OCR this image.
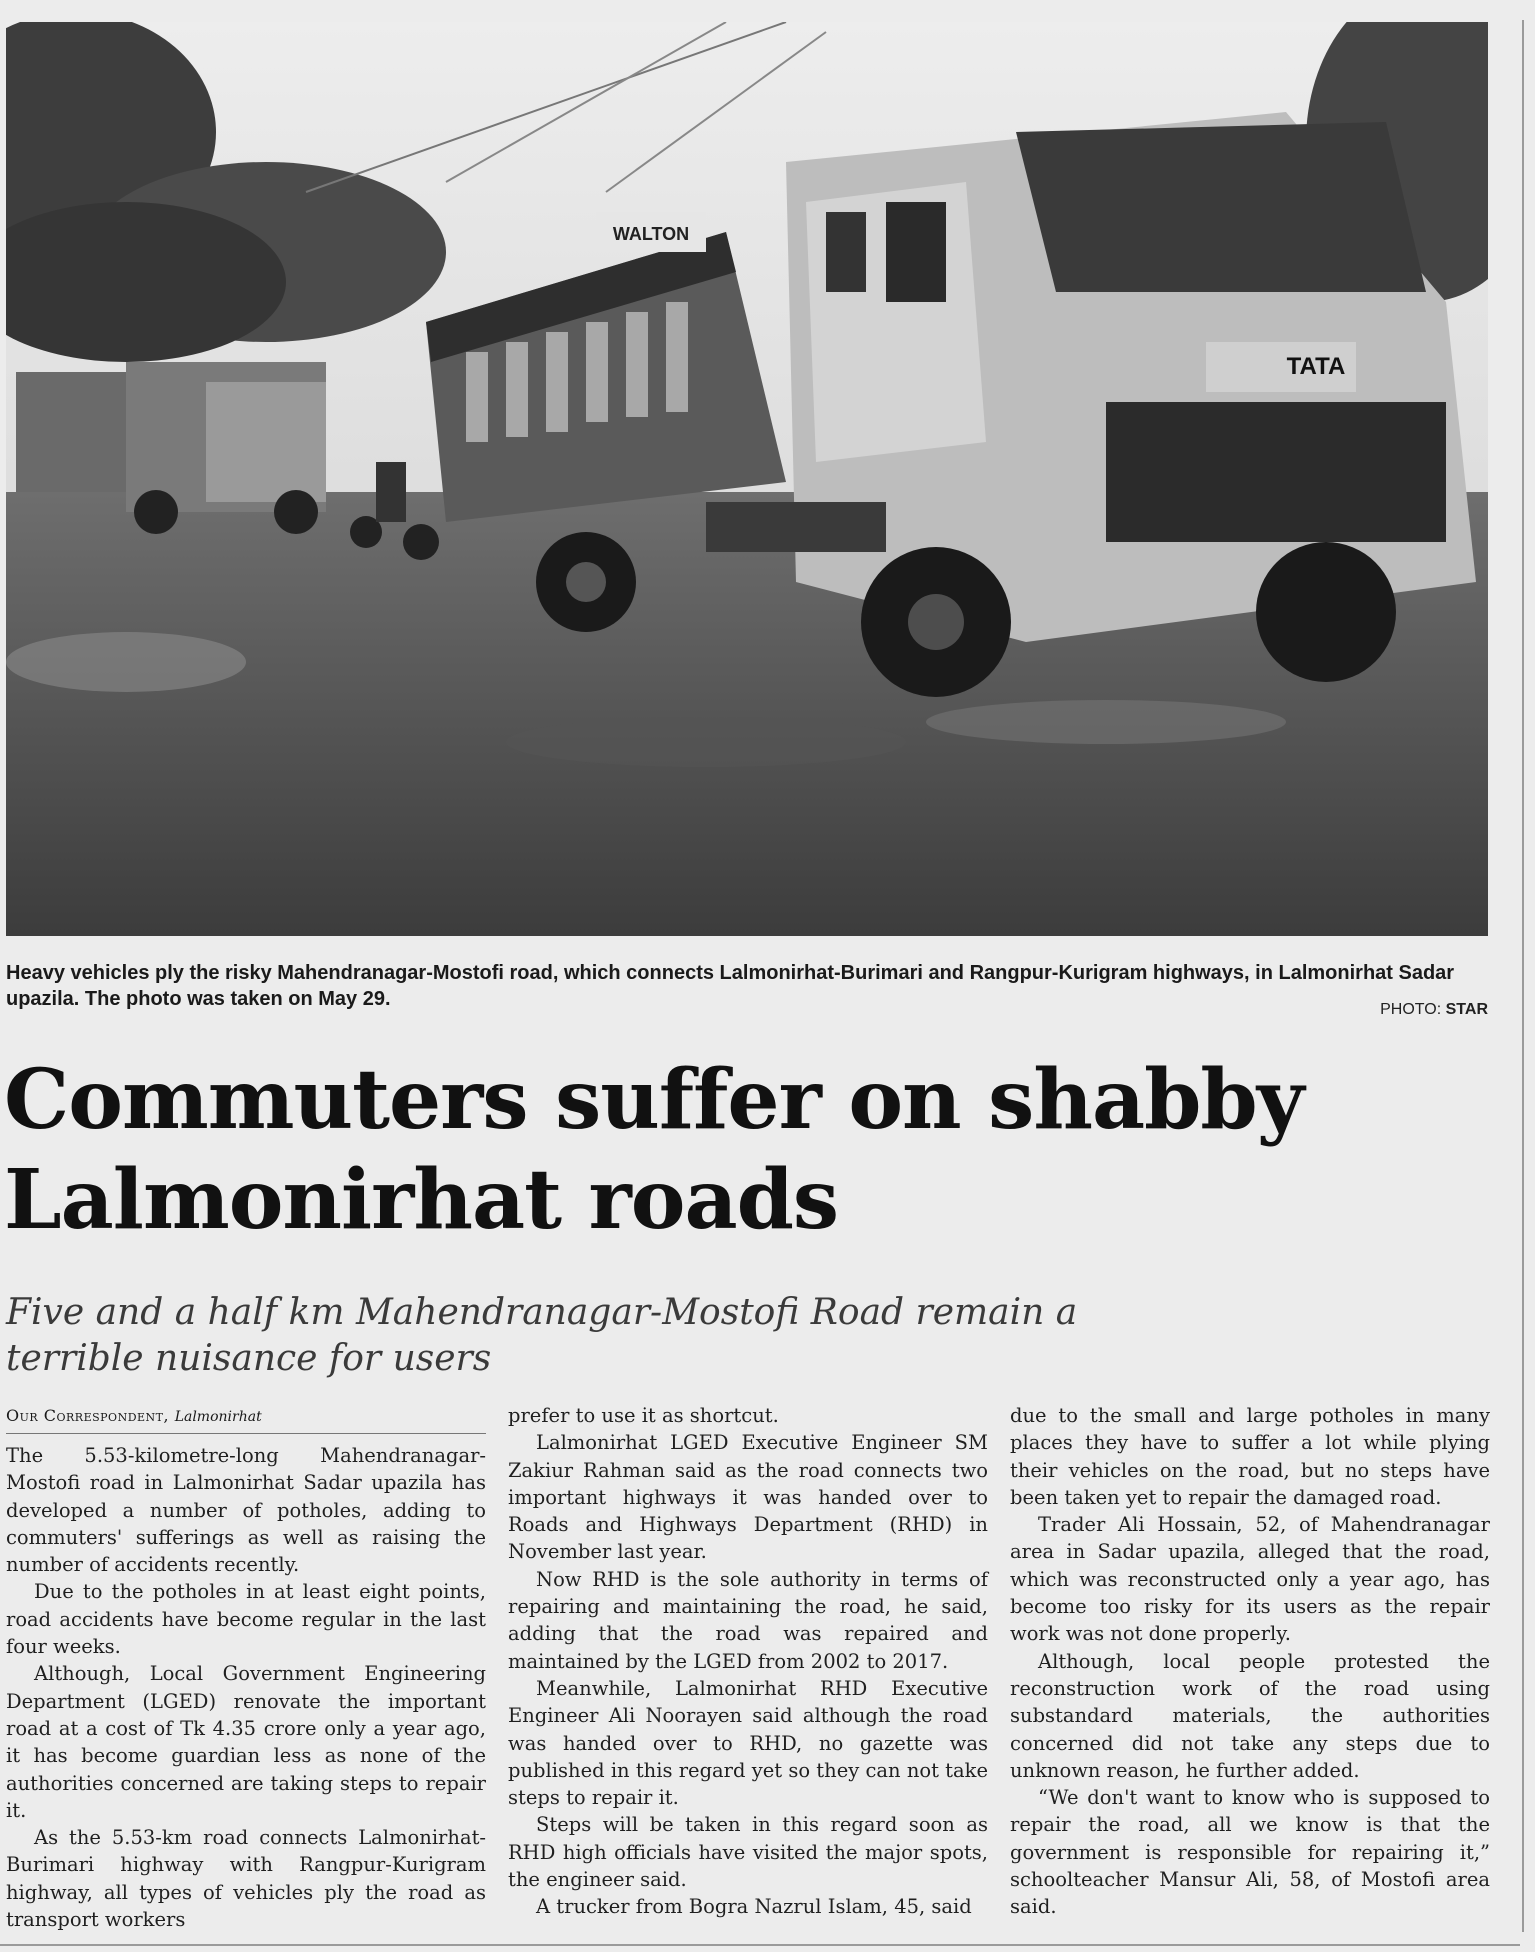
TATA
WALTON
Heavy vehicles ply the risky Mahendranagar-Mostofi road, which connects Lalmonirhat-Burimari and Rangpur-Kurigram highways, in Lalmonirhat Sadar upazila. The photo was taken on May 29.	PHOTO: STAR
Commuters suffer on shabby Lalmonirhat roads
Five and a half km Mahendranagar-Mostofi Road remain a terrible nuisance for users
Our Correspondent, Lalmonirhat

The 5.53-kilometre-long Mahendranagar-Mostofi road in Lalmonirhat Sadar upazila has developed a number of potholes, adding to commuters' sufferings as well as raising the number of accidents recently.

Due to the potholes in at least eight points, road accidents have become regular in the last four weeks.

Although, Local Government Engineering Department (LGED) renovate the important road at a cost of Tk 4.35 crore only a year ago, it has become guardian less as none of the authorities concerned are taking steps to repair it.

As the 5.53-km road connects Lalmonirhat-Burimari highway with Rangpur-Kurigram highway, all types of vehicles ply the road as transport workers

prefer to use it as shortcut.

Lalmonirhat LGED Executive Engineer SM Zakiur Rahman said as the road connects two important highways it was handed over to Roads and Highways Department (RHD) in November last year.

Now RHD is the sole authority in terms of repairing and maintaining the road, he said, adding that the road was repaired and maintained by the LGED from 2002 to 2017.

Meanwhile, Lalmonirhat RHD Executive Engineer Ali Noorayen said although the road was handed over to RHD, no gazette was published in this regard yet so they can not take steps to repair it.

Steps will be taken in this regard soon as RHD high officials have visited the major spots, the engineer said.

A trucker from Bogra Nazrul Islam, 45, said

due to the small and large potholes in many places they have to suffer a lot while plying their vehicles on the road, but no steps have been taken yet to repair the damaged road.

Trader Ali Hossain, 52, of Mahendranagar area in Sadar upazila, alleged that the road, which was reconstructed only a year ago, has become too risky for its users as the repair work was not done properly.

Although, local people protested the reconstruction work of the road using substandard materials, the authorities concerned did not take any steps due to unknown reason, he further added.

“We don't want to know who is supposed to repair the road, all we know is that the government is responsible for repairing it,” schoolteacher Mansur Ali, 58, of Mostofi area said.
